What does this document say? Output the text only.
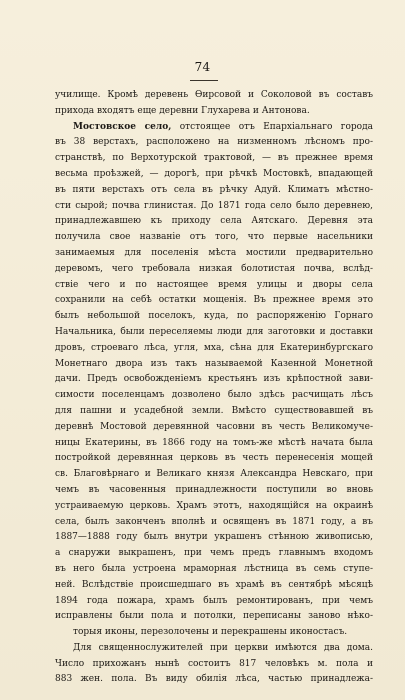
74
училище. Кромѣ деревень Ѳирсовой и Соколовой въ составъ
прихода входятъ еще деревни Глухарева и Антонова.
Мостовское село, отстоящее отъ Епархіальнаго города
въ 38 верстахъ, расположено на низменномъ лѣсномъ про-
странствѣ, по Верхотурской трактовой, — въ прежнее время
весьма проѣзжей, — дорогѣ, при рѣчкѣ Мостовкѣ, впадающей
въ пяти верстахъ отъ села въ рѣчку Адуй. Климатъ мѣстно-
сти сырой; почва глинистая. До 1871 года село было деревнею,
принадлежавшею къ приходу села Аятскаго. Деревня эта
получила свое названіе отъ того, что первые насельники
занимаемыя для поселенія мѣста мостили предварительно
деревомъ, чего требовала низкая болотистая почва, вслѣд-
ствіе чего и по настоящее время улицы и дворы села
сохранили на себѣ остатки мощенія. Въ прежнее время это
былъ небольшой поселокъ, куда, по распоряженію Горнаго
Начальника, были переселяемы люди для заготовки и доставки
дровъ, строеваго лѣса, угля, мха, сѣна для Екатеринбургскаго
Монетнаго двора изъ такъ называемой Казенной Монетной
дачи. Предъ освобожденіемъ крестьянъ изъ крѣпостной зави-
симости поселенцамъ дозволено было здѣсь расчищать лѣсъ
для пашни и усадебной земли. Вмѣсто существовавшей въ
деревнѣ Мостовой деревянной часовни въ честь Великомуче-
ницы Екатерины, въ 1866 году на томъ-же мѣстѣ начата была
постройкой деревянная церковь въ честь перенесенія мощей
св. Благовѣрнаго и Великаго князя Александра Невскаго, при
чемъ въ часовенныя принадлежности поступили во вновь
устраиваемую церковь. Храмъ этотъ, находящійся на окраинѣ
села, былъ законченъ вполнѣ и освященъ въ 1871 году, а въ
1887—1888 году былъ внутри украшенъ стѣнною живописью,
а снаружи выкрашенъ, при чемъ предъ главнымъ входомъ
въ него была устроена мраморная лѣстница въ семь ступе-
ней. Вслѣдствіе происшедшаго въ храмѣ въ сентябрѣ мѣсяцѣ
1894 года пожара, храмъ былъ ремонтированъ, при чемъ
исправлены были пола и потолки, переписаны заново нѣко-
торыя иконы, перезолочены и перекрашены иконостасъ.
Для священнослужителей при церкви имѣются два дома.
Число прихожанъ нынѣ состоитъ 817 человѣкъ м. пола и
883 жен. пола. Въ виду обилія лѣса, частью принадлежа-
